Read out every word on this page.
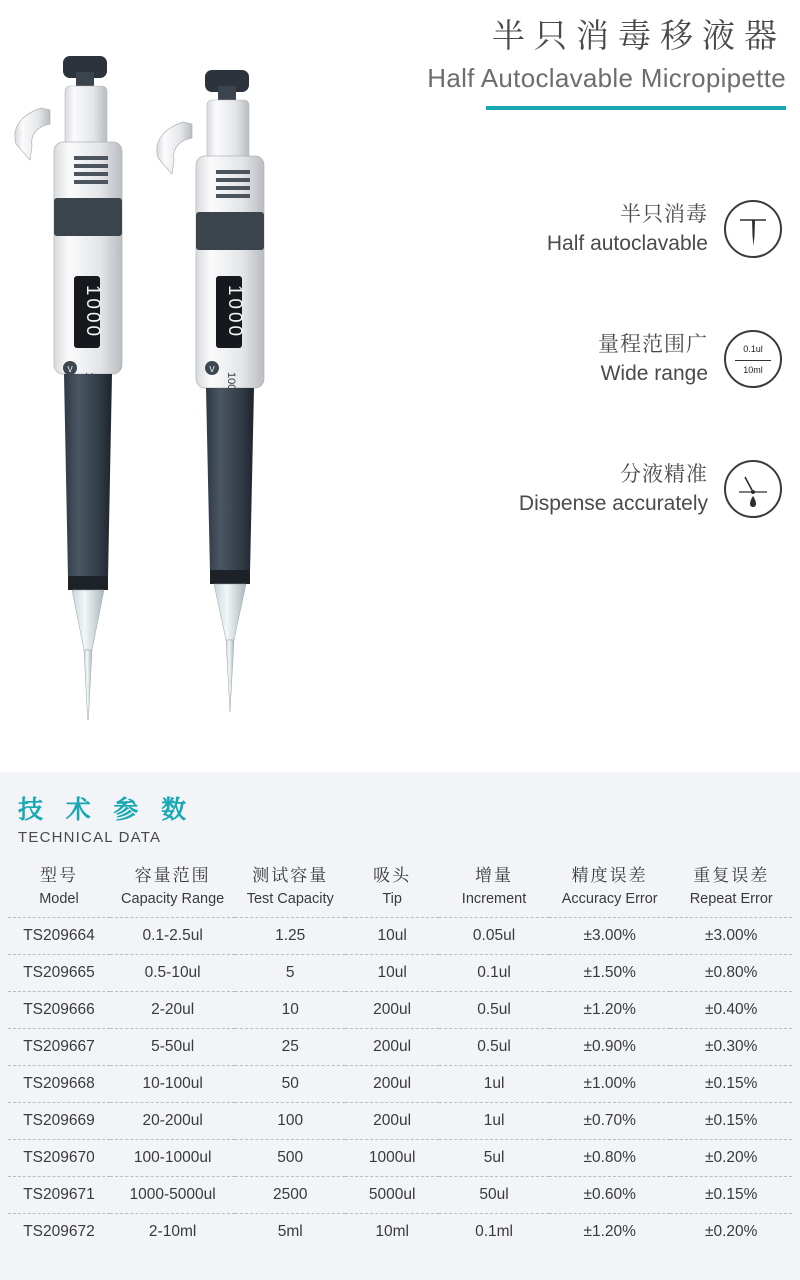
半只消毒移液器
Half Autoclavable Micropipette
1000
V
1000
V
半只消毒
Half autoclavable
量程范围广
Wide range
0.1ul
10ml
分液精准
Dispense accurately
技 术 参 数
TECHNICAL DATA
型号
Model	容量范围
Capacity Range	测试容量
Test Capacity	吸头
Tip	增量
Increment	精度误差
Accuracy Error	重复误差
Repeat Error

TS209664	0.1-2.5ul	1.25	10ul	0.05ul	±3.00%	±3.00%
TS209665	0.5-10ul	5	10ul	0.1ul	±1.50%	±0.80%
TS209666	2-20ul	10	200ul	0.5ul	±1.20%	±0.40%
TS209667	5-50ul	25	200ul	0.5ul	±0.90%	±0.30%
TS209668	10-100ul	50	200ul	1ul	±1.00%	±0.15%
TS209669	20-200ul	100	200ul	1ul	±0.70%	±0.15%
TS209670	100-1000ul	500	1000ul	5ul	±0.80%	±0.20%
TS209671	1000-5000ul	2500	5000ul	50ul	±0.60%	±0.15%
TS209672	2-10ml	5ml	10ml	0.1ml	±1.20%	±0.20%
